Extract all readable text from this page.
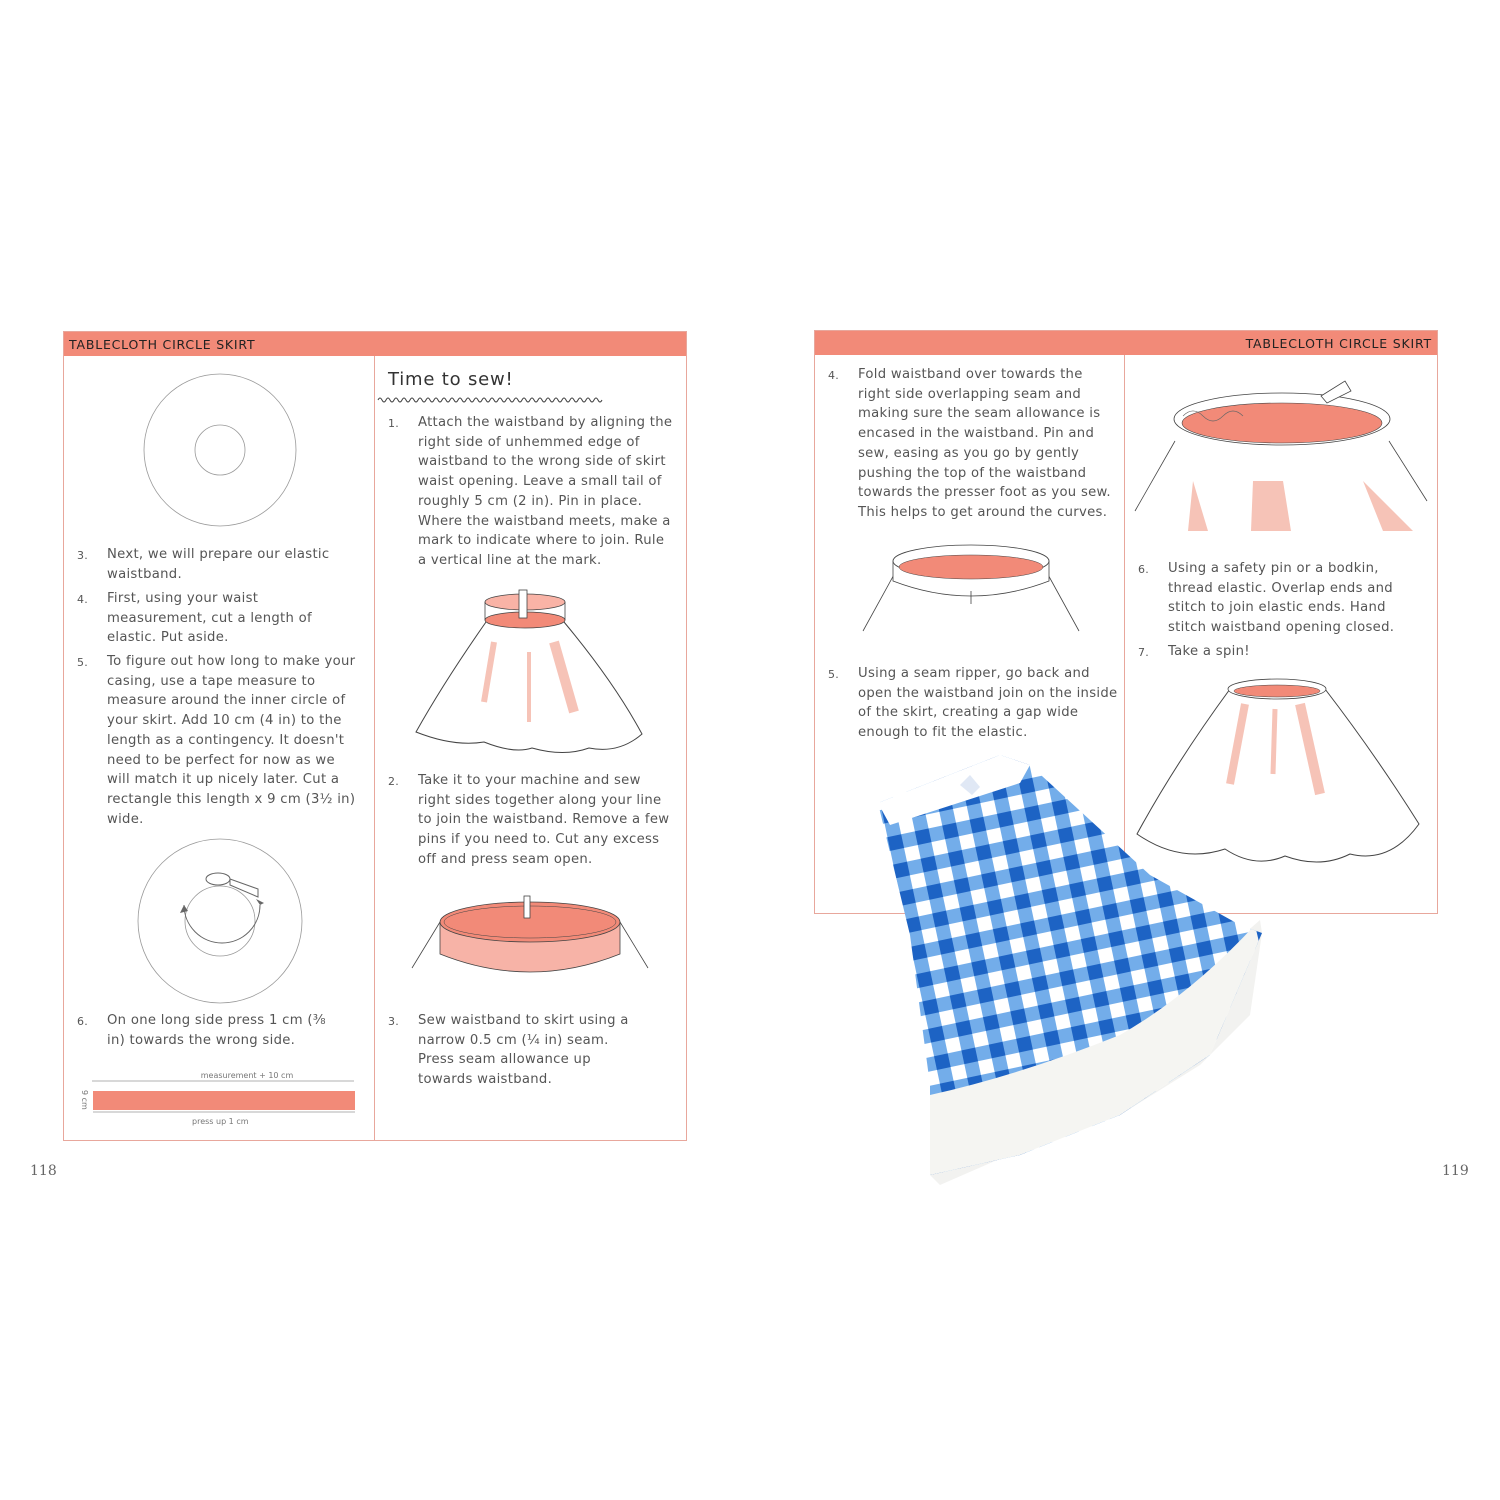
TABLECLOTH CIRCLE SKIRT
3. Next, we will prepare our elastic waistband.
4. First, using your waist measurement, cut a length of elastic. Put aside.
5. To figure out how long to make your casing, use a tape measure to measure around the inner circle of your skirt. Add 10 cm (4 in) to the length as a contingency. It doesn't need to be perfect for now as we will match it up nicely later. Cut a rectangle this length x 9 cm (3½ in) wide.
6. On one long side press 1 cm (⅜ in) towards the wrong side.
measurement + 10 cm
9 cm
press up 1 cm
Time to sew!
1. Attach the waistband by aligning the right side of unhemmed edge of waistband to the wrong side of skirt waist opening. Leave a small tail of roughly 5 cm (2 in). Pin in place. Where the waistband meets, make a mark to indicate where to join. Rule a vertical line at the mark.
2. Take it to your machine and sew right sides together along your line to join the waistband. Remove a few pins if you need to. Cut any excess off and press seam open.
3. Sew waistband to skirt using a narrow 0.5 cm (¼ in) seam. Press seam allowance up towards waistband.
118
TABLECLOTH CIRCLE SKIRT
4. Fold waistband over towards the right side overlapping seam and making sure the seam allowance is encased in the waistband. Pin and sew, easing as you go by gently pushing the top of the waistband towards the presser foot as you sew. This helps to get around the curves.
5. Using a seam ripper, go back and open the waistband join on the inside of the skirt, creating a gap wide enough to fit the elastic.
6. Using a safety pin or a bodkin, thread elastic. Overlap ends and stitch to join elastic ends. Hand stitch waistband opening closed.
7. Take a spin!
119
